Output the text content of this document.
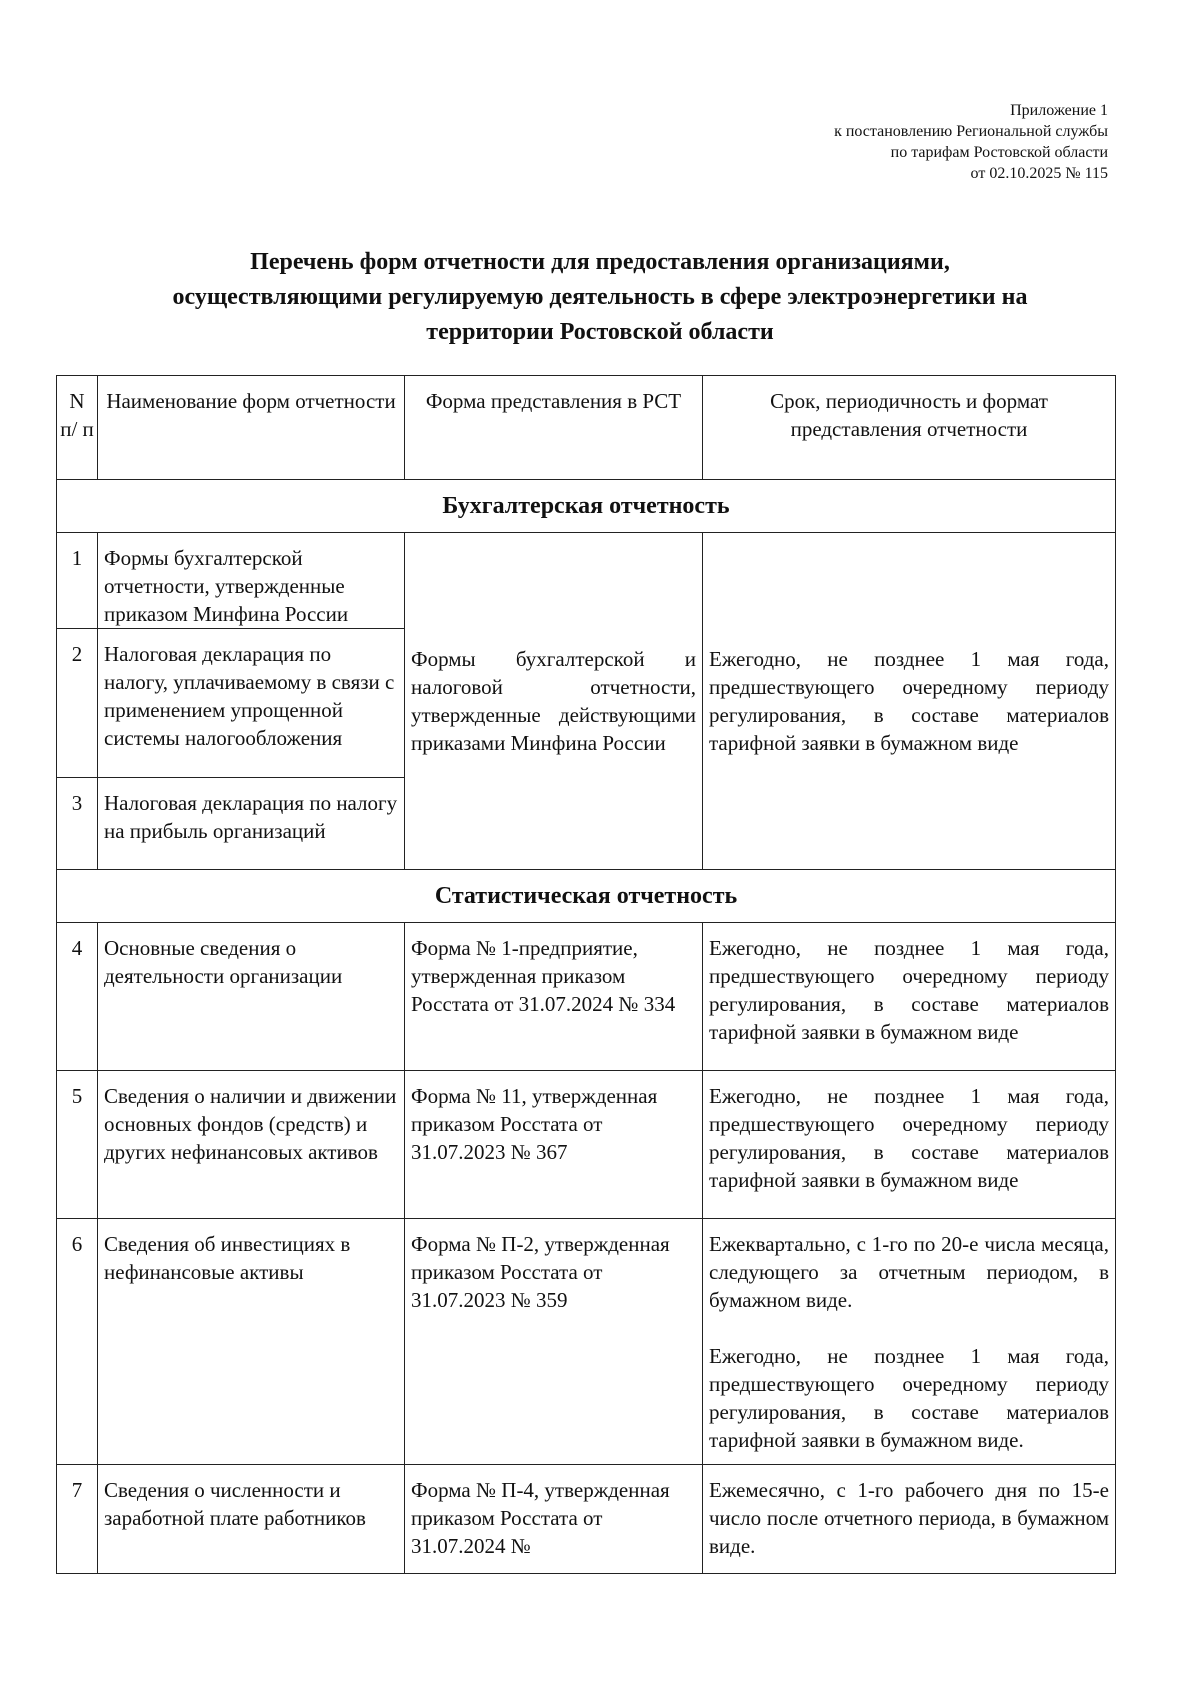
Приложение 1
к постановлению Региональной службы
по тарифам Ростовской области
от 02.10.2025 № 115
Перечень форм отчетности для предоставления организациями,
осуществляющими регулируемую деятельность в сфере электроэнергетики на
территории Ростовской области
N п/ п	Наименование форм отчетности	Форма представления в РСТ	Срок, периодичность и формат представления отчетности
Бухгалтерская отчетность			
1	Формы бухгалтерской отчетности, утвержденные приказом Минфина России	Формы бухгалтерской и налоговой отчетности, утвержденные действующими приказами Минфина России	Ежегодно, не позднее 1 мая года, предшествующего очередному периоду регулирования, в составе материалов тарифной заявки в бумажном виде
2	Налоговая декларация по налогу, уплачиваемому в связи с применением упрощенной системы налогообложения		
3	Налоговая декларация по налогу на прибыль организаций		
Статистическая отчетность			
4	Основные сведения о деятельности организации	Форма № 1-предприятие, утвержденная приказом Росстата от 31.07.2024 № 334	Ежегодно, не позднее 1 мая года, предшествующего очередному периоду регулирования, в составе материалов тарифной заявки в бумажном виде
5	Сведения о наличии и движении основных фондов (средств) и других нефинансовых активов	Форма № 11, утвержденная приказом Росстата от 31.07.2023 № 367	Ежегодно, не позднее 1 мая года, предшествующего очередному периоду регулирования, в составе материалов тарифной заявки в бумажном виде
6	Сведения об инвестициях в нефинансовые активы	Форма № П-2, утвержденная приказом Росстата от 31.07.2023 № 359	Ежеквартально, с 1-го по 20-е числа месяца, следующего за отчетным периодом, в бумажном виде.

Ежегодно, не позднее 1 мая года, предшествующего очередному периоду регулирования, в составе материалов тарифной заявки в бумажном виде.

7	Сведения о численности и заработной плате работников	Форма № П-4, утвержденная приказом Росстата от 31.07.2024 №	Ежемесячно, с 1-го рабочего дня по 15-е число после отчетного периода, в бумажном виде.
